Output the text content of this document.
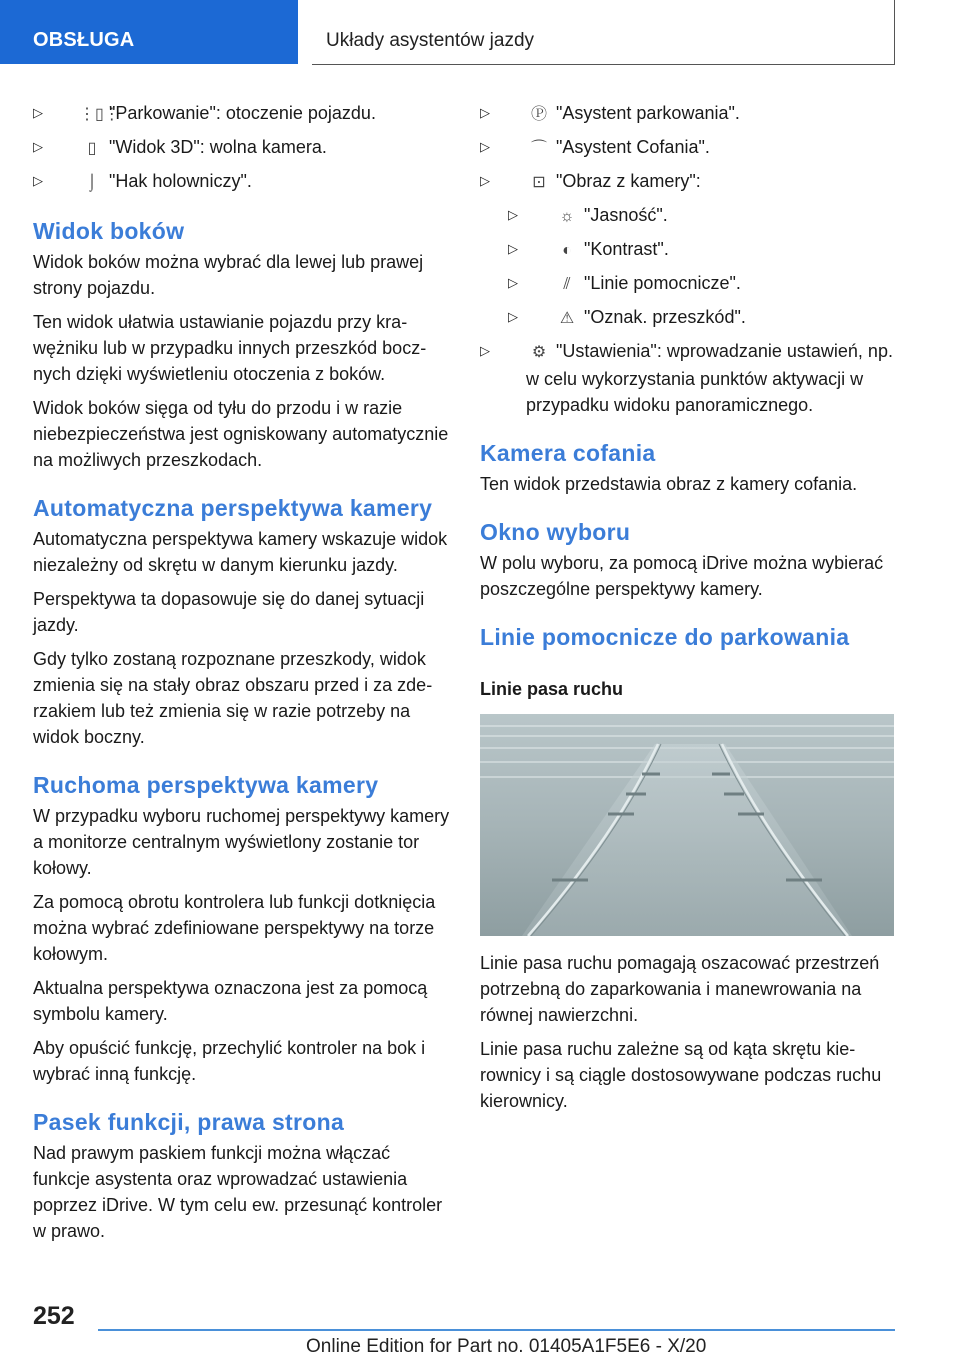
OBSŁUGA	Układy asystentów jazdy
▷ ⋮▯⋮"Parkowanie": otoczenie pojazdu.
▷	▯ "Widok 3D": wolna kamera.
▷	⌡ "Hak holowniczy".
Widok boków

Widok boków można wybrać dla lewej lub prawej strony pojazdu.

Ten widok ułatwia ustawianie pojazdu przy krawężniku lub w przypadku innych przeszkód bocznych dzięki wyświetleniu otoczenia z boków.

Widok boków sięga od tyłu do przodu i w razie niebezpieczeństwa jest ogniskowany automatycznie na możliwych przeszkodach.

Automatyczna perspektywa kamery

Automatyczna perspektywa kamery wskazuje widok niezależny od skrętu w danym kierunku jazdy.

Perspektywa ta dopasowuje się do danej sytuacji jazdy.

Gdy tylko zostaną rozpoznane przeszkody, widok zmienia się na stały obraz obszaru przed i za zderzakiem lub też zmienia się w razie potrzeby na widok boczny.

Ruchoma perspektywa kamery

W przypadku wyboru ruchomej perspektywy kamery a monitorze centralnym wyświetlony zostanie tor kołowy.

Za pomocą obrotu kontrolera lub funkcji dotknięcia można wybrać zdefiniowane perspektywy na torze kołowym.

Aktualna perspektywa oznaczona jest za pomocą symbolu kamery.

Aby opuścić funkcję, przechylić kontroler na bok i wybrać inną funkcję.

Pasek funkcji, prawa strona

Nad prawym paskiem funkcji można włączać funkcje asystenta oraz wprowadzać ustawienia poprzez iDrive. W tym celu ew. przesunąć kontroler w prawo.

▷	Ⓟ "Asystent parkowania".
▷	⌒ "Asystent Cofania".
▷	⊡ "Obraz z kamery":
▷	☼ "Jasność".
▷	◐ "Kontrast".
▷	⫽ "Linie pomocnicze".
▷	⚠ "Oznak. przeszkód".
▷	⚙ "Ustawienia": wprowadzanie ustawień, np. w celu wykorzystania punktów aktywacji w przypadku widoku panoramicznego.
Kamera cofania

Ten widok przedstawia obraz z kamery cofania.

Okno wyboru

W polu wyboru, za pomocą iDrive można wybierać poszczególne perspektywy kamery.

Linie pomocnicze do parkowania
Linie pasa ruchu

Linie pasa ruchu pomagają oszacować przestrzeń potrzebną do zaparkowania i manewrowania na równej nawierzchni.

Linie pasa ruchu zależne są od kąta skrętu kierownicy i są ciągle dostosowywane podczas ruchu kierownicy.

252
Online Edition for Part no. 01405A1F5E6 - X/20
